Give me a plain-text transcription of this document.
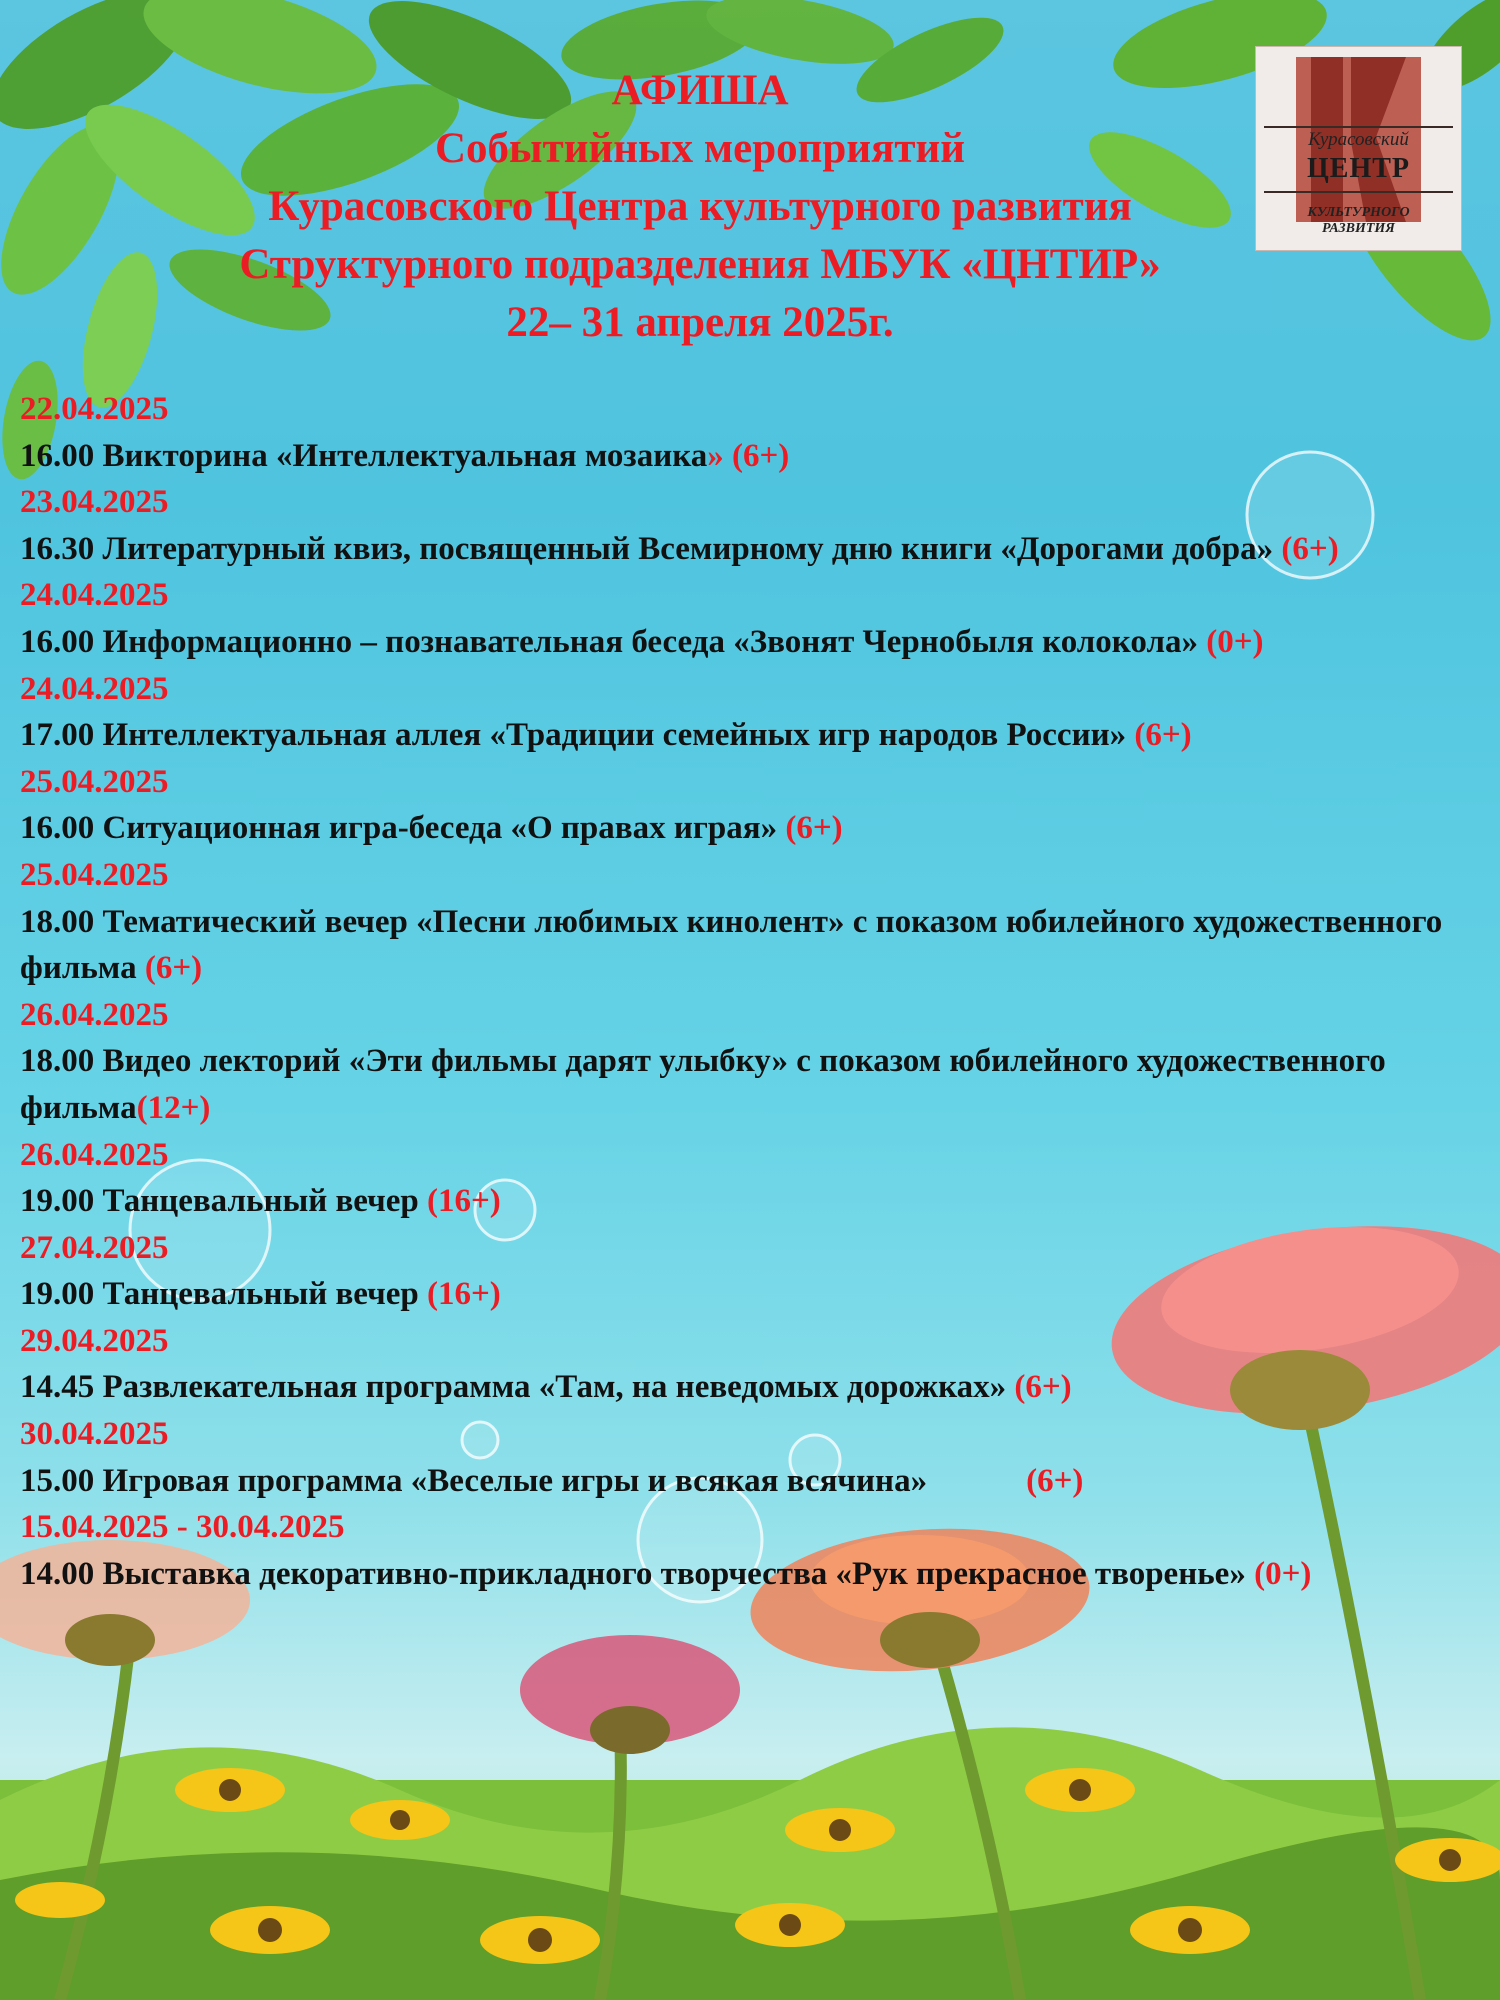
АФИША
Событийных мероприятий
Курасовского Центра культурного развития
Структурного подразделения МБУК «ЦНТИР»
22– 31 апреля 2025г.
Курасовский
ЦЕНТР
КУЛЬТУРНОГО
РАЗВИТИЯ
22.04.2025
16.00 Викторина «Интеллектуальная мозаика» (6+)
23.04.2025
16.30 Литературный квиз, посвященный Всемирному дню книги «Дорогами добра» (6+)
24.04.2025
16.00 Информационно – познавательная беседа «Звонят Чернобыля колокола» (0+)
24.04.2025
17.00 Интеллектуальная аллея «Традиции семейных игр народов России» (6+)
25.04.2025
16.00 Ситуационная игра-беседа «О правах играя» (6+)
25.04.2025
18.00 Тематический вечер «Песни любимых кинолент» с показом юбилейного художественного фильма (6+)
26.04.2025
18.00 Видео лекторий «Эти фильмы дарят улыбку» с показом юбилейного художественного фильма(12+)
26.04.2025
19.00 Танцевальный вечер (16+)
27.04.2025
19.00 Танцевальный вечер (16+)
29.04.2025
14.45 Развлекательная программа «Там, на неведомых дорожках» (6+)
30.04.2025
15.00 Игровая программа «Веселые игры и всякая всячина»            (6+)
15.04.2025 - 30.04.2025
14.00 Выставка декоративно-прикладного творчества «Рук прекрасное творенье» (0+)
